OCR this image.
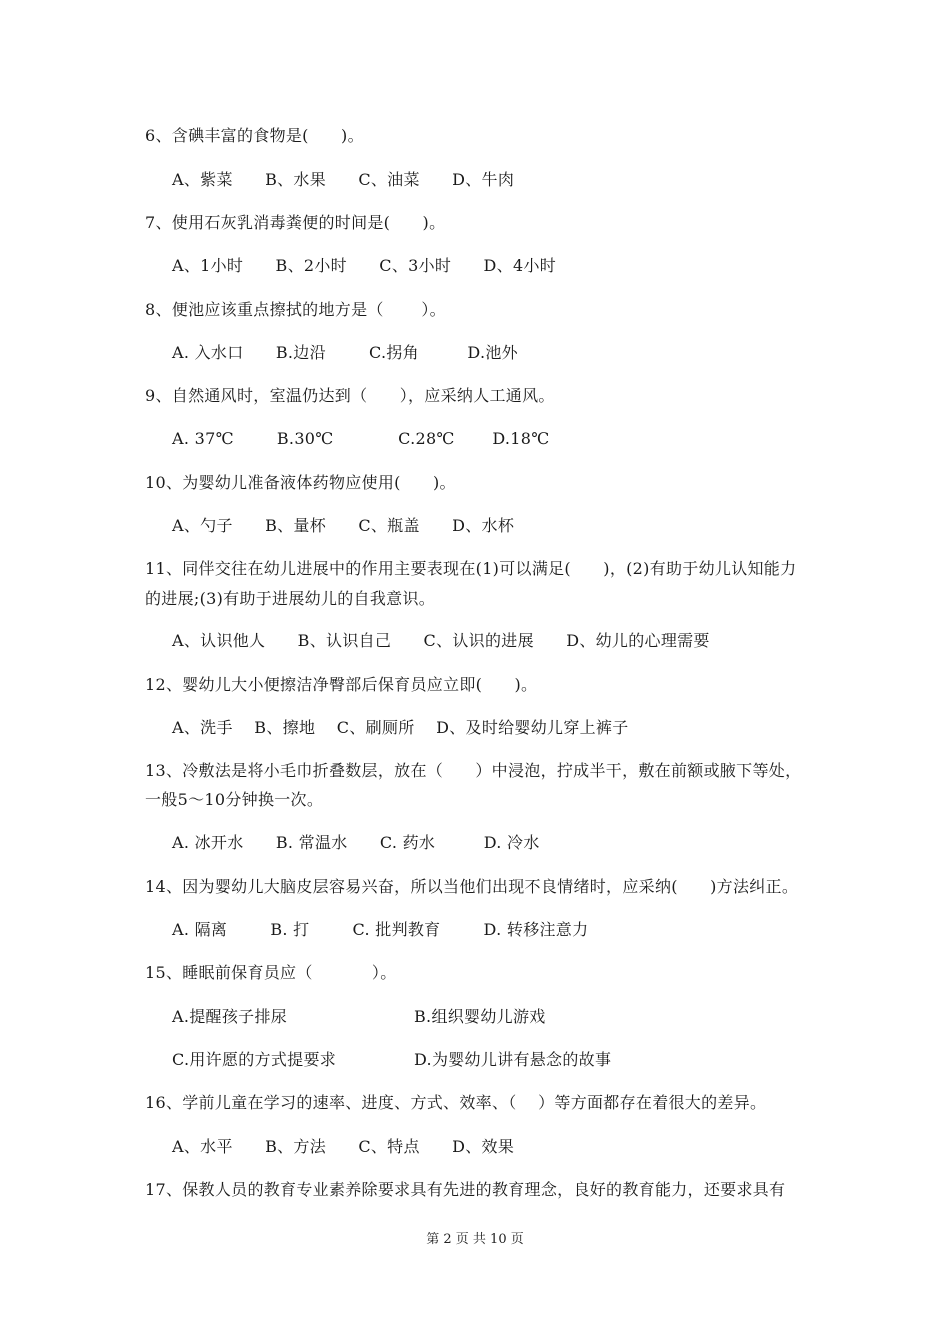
6、含碘丰富的食物是(      )。
A、紫菜      B、水果      C、油菜      D、牛肉
7、使用石灰乳消毒粪便的时间是(      )。
A、1小时      B、2小时      C、3小时      D、4小时
8、便池应该重点擦拭的地方是（       ）。
A. 入水口      B.边沿        C.拐角         D.池外
9、自然通风时，室温仍达到（      ），应采纳人工通风。
A. 37℃        B.30℃            C.28℃       D.18℃
10、为婴幼儿准备液体药物应使用(      )。
A、勺子      B、量杯      C、瓶盖      D、水杯
11、同伴交往在幼儿进展中的作用主要表现在(1)可以满足(      )，(2)有助于幼儿认知能力
的进展;(3)有助于进展幼儿的自我意识。
A、认识他人      B、认识自己      C、认识的进展      D、幼儿的心理需要
12、婴幼儿大小便擦洁净臀部后保育员应立即(      )。
A、洗手    B、擦地    C、刷厕所    D、及时给婴幼儿穿上裤子
13、冷敷法是将小毛巾折叠数层，放在（      ）中浸泡，拧成半干，敷在前额或腋下等处，
一般5～10分钟换一次。
A. 冰开水      B. 常温水      C. 药水         D. 冷水
14、因为婴幼儿大脑皮层容易兴奋，所以当他们出现不良情绪时，应采纳(      )方法纠正。
A. 隔离        B. 打        C. 批判教育        D. 转移注意力
15、睡眠前保育员应（           ）。
A.提醒孩子排尿	B.组织婴幼儿游戏
C.用许愿的方式提要求	D.为婴幼儿讲有悬念的故事
16、学前儿童在学习的速率、进度、方式、效率、（    ）等方面都存在着很大的差异。
A、水平      B、方法      C、特点      D、效果
17、保教人员的教育专业素养除要求具有先进的教育理念，良好的教育能力，还要求具有
第 2 页 共 10 页
